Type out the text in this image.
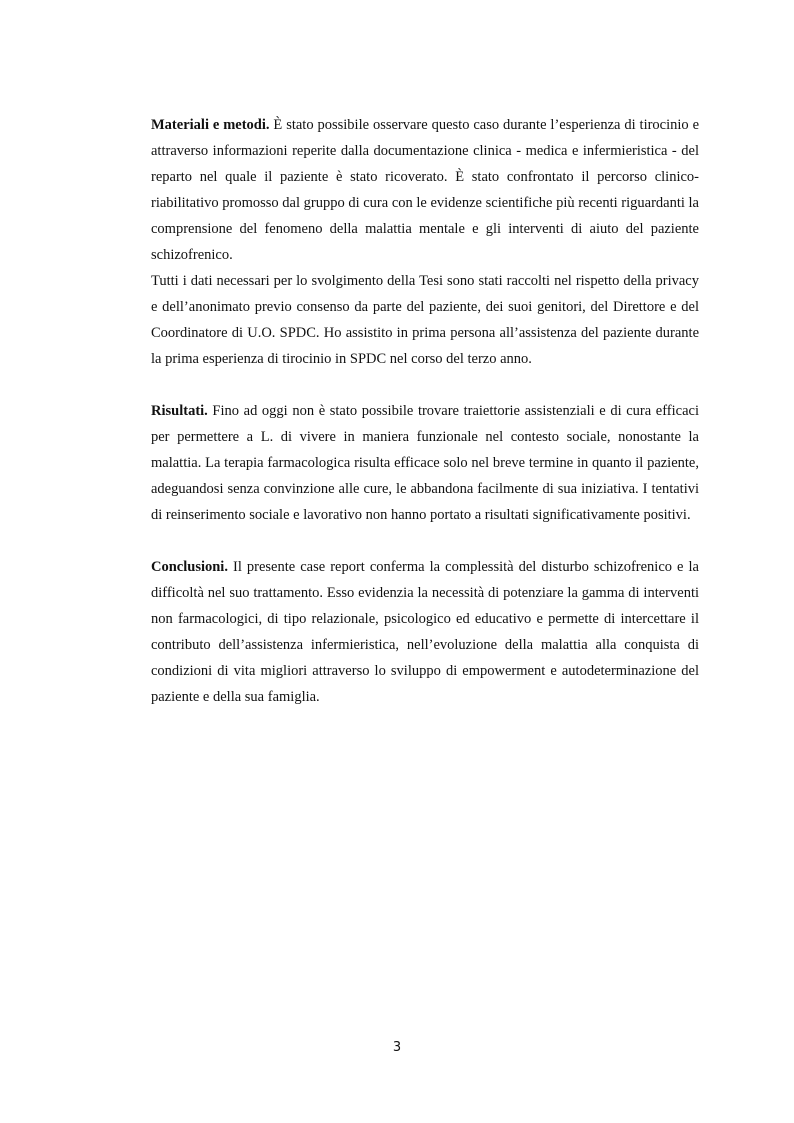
Materiali e metodi. È stato possibile osservare questo caso durante l’esperienza di tirocinio e attraverso informazioni reperite dalla documentazione clinica - medica e infermieristica - del reparto nel quale il paziente è stato ricoverato. È stato confrontato il percorso clinico-riabilitativo promosso dal gruppo di cura con le evidenze scientifiche più recenti riguardanti la comprensione del fenomeno della malattia mentale e gli interventi di aiuto del paziente schizofrenico.

Tutti i dati necessari per lo svolgimento della Tesi sono stati raccolti nel rispetto della privacy e dell’anonimato previo consenso da parte del paziente, dei suoi genitori, del Direttore e del Coordinatore di U.O. SPDC. Ho assistito in prima persona all’assistenza del paziente durante la prima esperienza di tirocinio in SPDC nel corso del terzo anno.

Risultati. Fino ad oggi non è stato possibile trovare traiettorie assistenziali e di cura efficaci per permettere a L. di vivere in maniera funzionale nel contesto sociale, nonostante la malattia. La terapia farmacologica risulta efficace solo nel breve termine in quanto il paziente, adeguandosi senza convinzione alle cure, le abbandona facilmente di sua iniziativa. I tentativi di reinserimento sociale e lavorativo non hanno portato a risultati significativamente positivi.

Conclusioni. Il presente case report conferma la complessità del disturbo schizofrenico e la difficoltà nel suo trattamento. Esso evidenzia la necessità di potenziare la gamma di interventi non farmacologici, di tipo relazionale, psicologico ed educativo e permette di intercettare il contributo dell’assistenza infermieristica, nell’evoluzione della malattia alla conquista di condizioni di vita migliori attraverso lo sviluppo di empowerment e autodeterminazione del paziente e della sua famiglia.

3
